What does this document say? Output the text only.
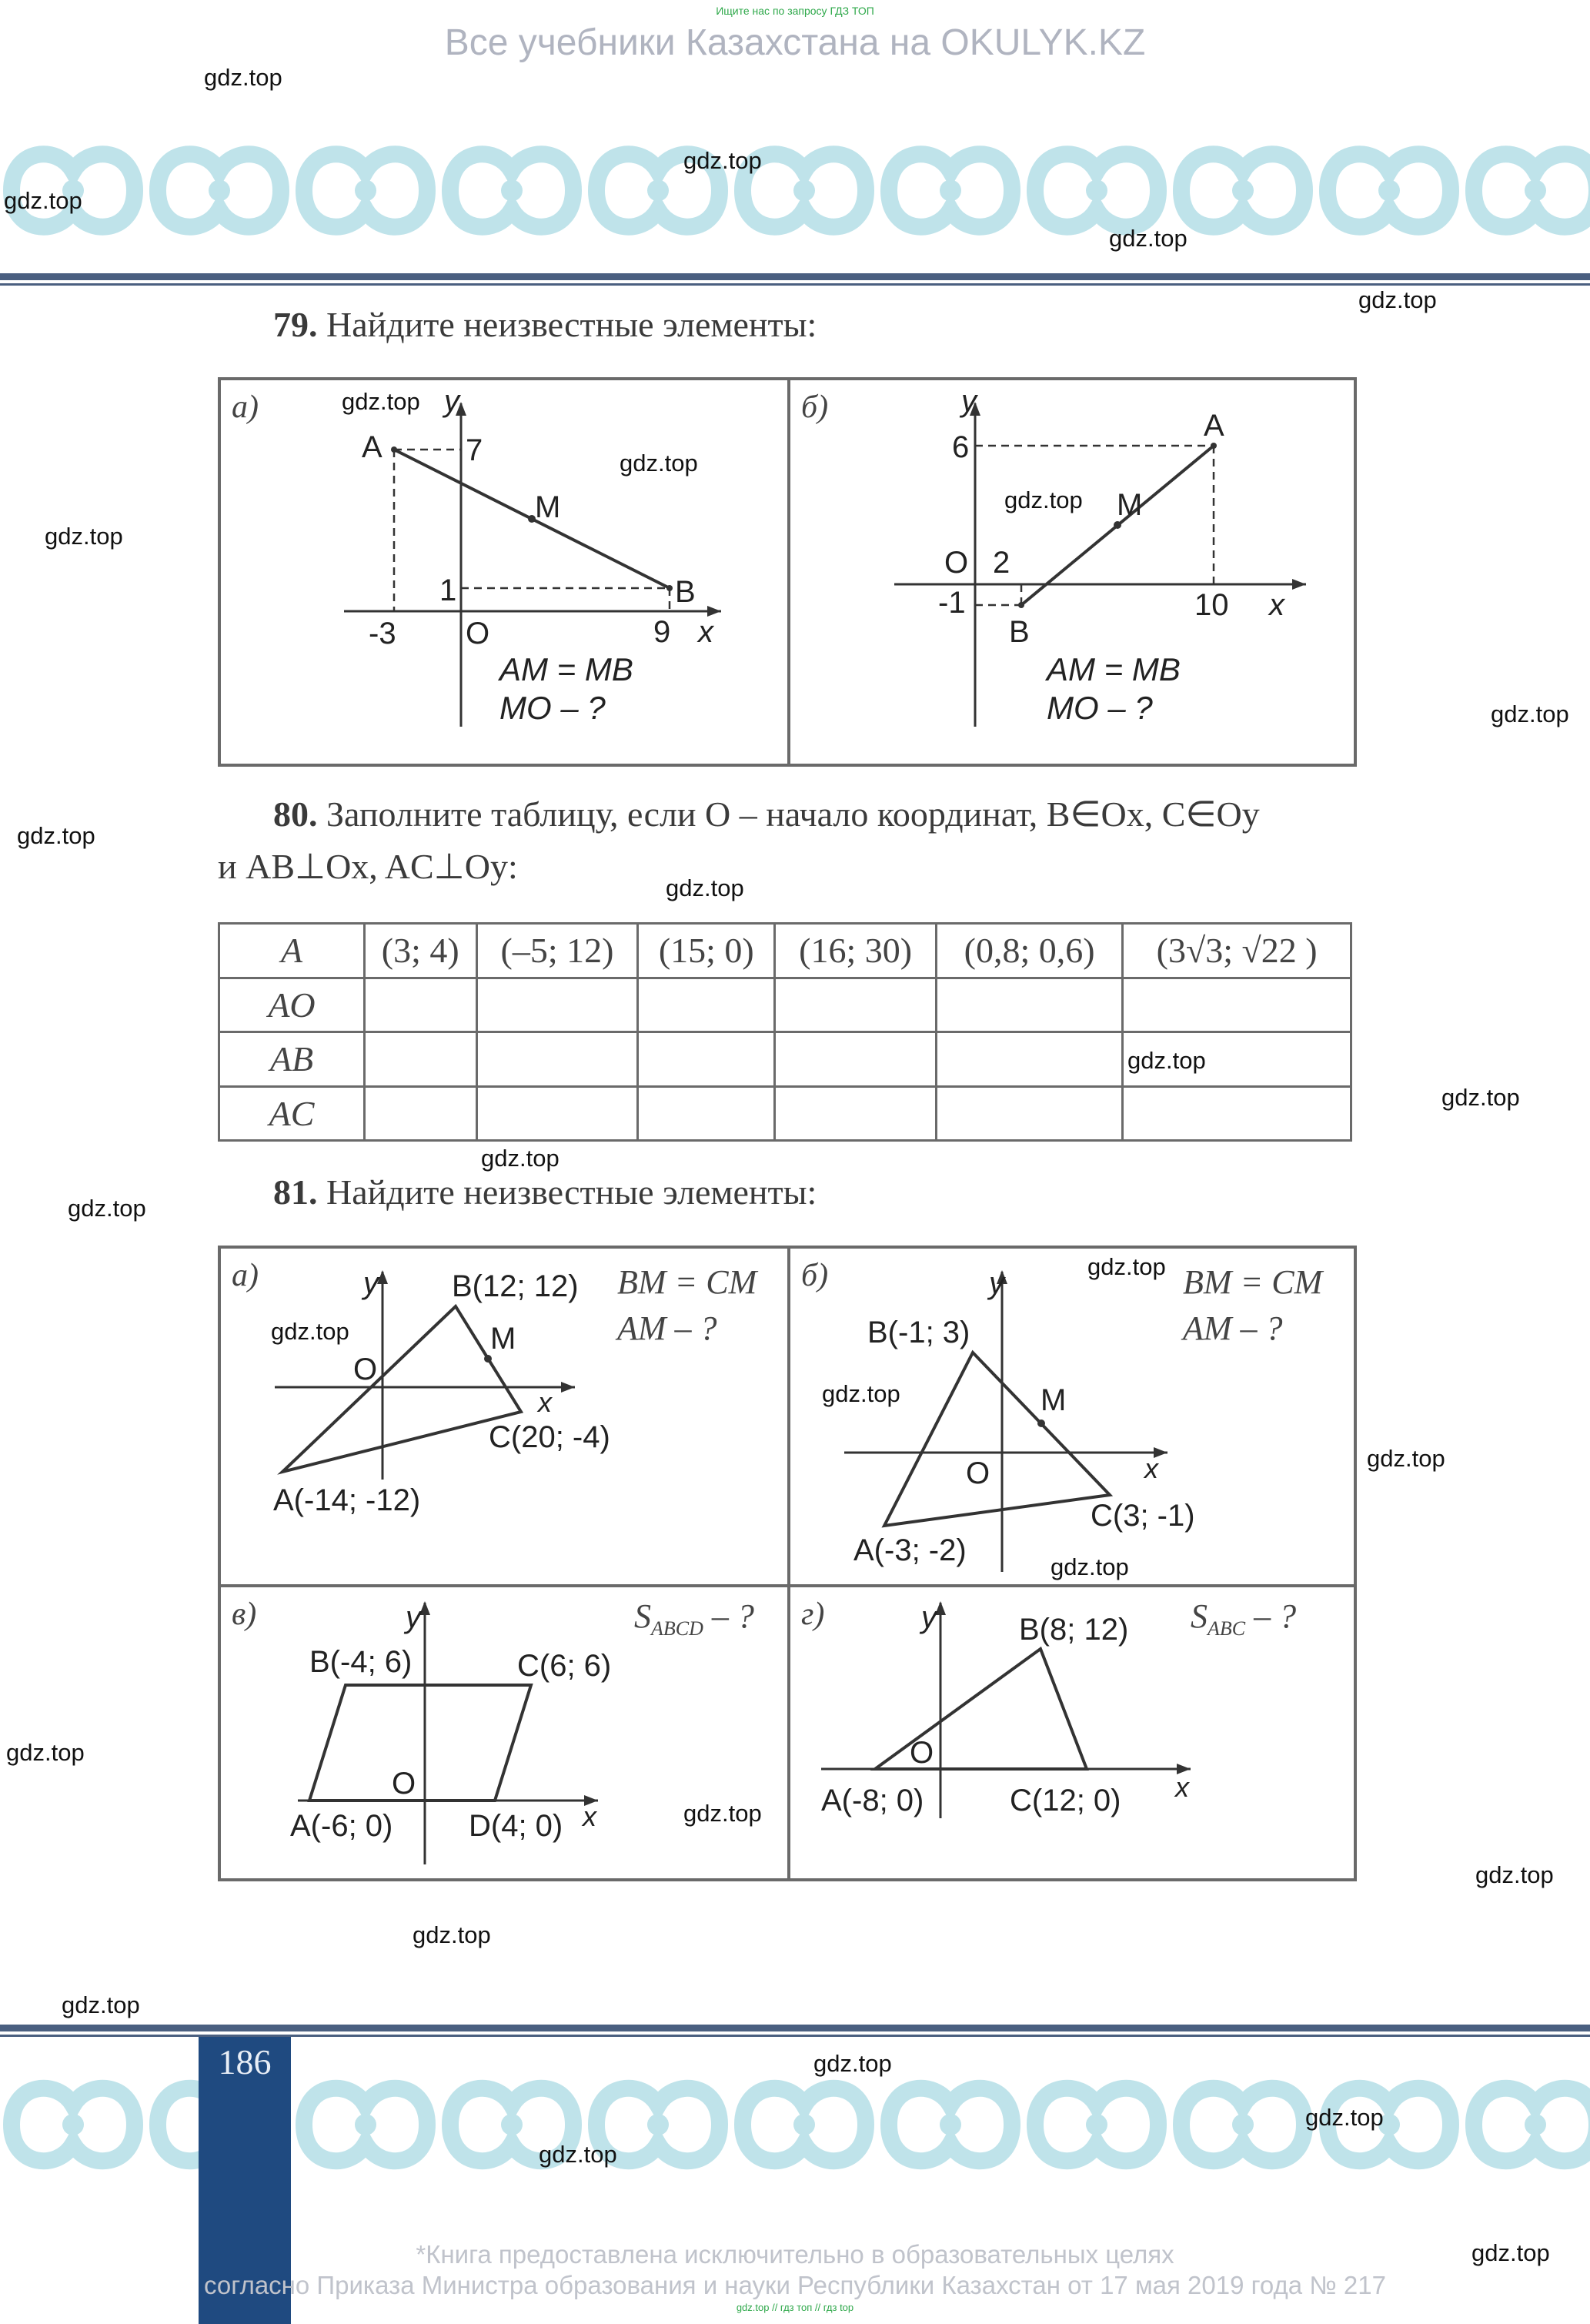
Ищите нас по запросу ГДЗ ТОП
Все учебники Казахстана на OKULYK.KZ
79. Найдите неизвестные элементы:
а)
A	7
y
M
1	B
-3 O	9 x
AM = MB
MO – ?
б)	y
6
A
M
O 2
-1	10 x
B
AM = MB
MO – ?
80. Заполните таблицу, если O – начало координат, B∈Ox, C∈Oy
и AB⊥Ox, AC⊥Oy:
A	(3; 4)	(–5; 12)	(15; 0)	(16; 30)	(0,8; 0,6)	(3√3; √22 )
AO						
AB						
AC						
81. Найдите неизвестные элементы:
а)	y B(12; 12)
M
O
x
C(20; -4)
A(-14; -12)
BM = CM
AM – ?
б)	y
B(-1; 3)
M
O	x
C(3; -1)
A(-3; -2)
BM = CM
AM – ?
в)	y
B(-4; 6)	C(6; 6)
O
A(-6; 0) D(4; 0) x
$S_{ABCD}$ – ? г)	y	B(8; 12)
O
A(-8; 0)	C(12; 0) x
$S_{ABC}$ – ?
186
*Книга предоставлена исключительно в образовательных целях
согласно Приказа Министра образования и науки Республики Казахстан от 17 мая 2019 года № 217
gdz.top // гдз топ // гдз top
gdz.top
gdz.top
gdz.top
gdz.top
gdz.top
gdz.top
gdz.top
gdz.top
gdz.top
gdz.top
gdz.top
gdz.top
gdz.top
gdz.top
gdz.top
gdz.top
gdz.top
gdz.top
gdz.top
gdz.top
gdz.top
gdz.top
gdz.top
gdz.top
gdz.top
gdz.top
gdz.top
gdz.top
gdz.top
gdz.top
